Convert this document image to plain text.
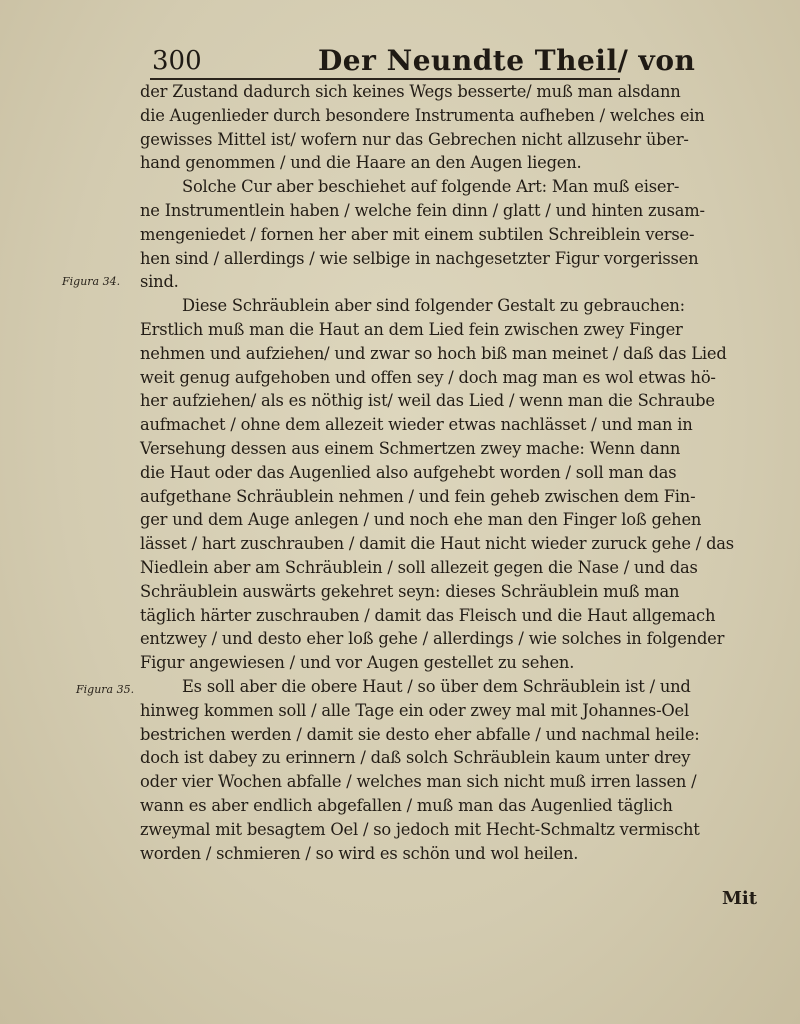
300	Der Neundte Theil/ von
Figura 34.
Figura 35.
der Zustand dadurch sich keines Wegs besserte/ muß man alsdann
die Augenlieder durch besondere Instrumenta aufheben / welches ein
gewisses Mittel ist/ wofern nur das Gebrechen nicht allzusehr über-
hand genommen / und die Haare an den Augen liegen.
Solche Cur aber beschiehet auf folgende Art: Man muß eiser-
ne Instrumentlein haben / welche fein dinn / glatt / und hinten zusam-
mengeniedet / fornen her aber mit einem subtilen Schreiblein verse-
hen sind / allerdings / wie selbige in nachgesetzter Figur vorgerissen
sind.
Diese Schräublein aber sind folgender Gestalt zu gebrauchen:
Erstlich muß man die Haut an dem Lied fein zwischen zwey Finger
nehmen und aufziehen/ und zwar so hoch biß man meinet / daß das Lied
weit genug aufgehoben und offen sey / doch mag man es wol etwas hö-
her aufziehen/ als es nöthig ist/ weil das Lied / wenn man die Schraube
aufmachet / ohne dem allezeit wieder etwas nachlässet / und man in
Versehung dessen aus einem Schmertzen zwey mache: Wenn dann
die Haut oder das Augenlied also aufgehebt worden / soll man das
aufgethane Schräublein nehmen / und fein geheb zwischen dem Fin-
ger und dem Auge anlegen / und noch ehe man den Finger loß gehen
lässet / hart zuschrauben / damit die Haut nicht wieder zuruck gehe / das
Niedlein aber am Schräublein / soll allezeit gegen die Nase / und das
Schräublein auswärts gekehret seyn: dieses Schräublein muß man
täglich härter zuschrauben / damit das Fleisch und die Haut allgemach
entzwey / und desto eher loß gehe / allerdings / wie solches in folgender
Figur angewiesen / und vor Augen gestellet zu sehen.
Es soll aber die obere Haut / so über dem Schräublein ist / und
hinweg kommen soll / alle Tage ein oder zwey mal mit Johannes-Oel
bestrichen werden / damit sie desto eher abfalle / und nachmal heile:
doch ist dabey zu erinnern / daß solch Schräublein kaum unter drey
oder vier Wochen abfalle / welches man sich nicht muß irren lassen /
wann es aber endlich abgefallen / muß man das Augenlied täglich
zweymal mit besagtem Oel / so jedoch mit Hecht-Schmaltz vermischt
worden / schmieren / so wird es schön und wol heilen.
Mit
